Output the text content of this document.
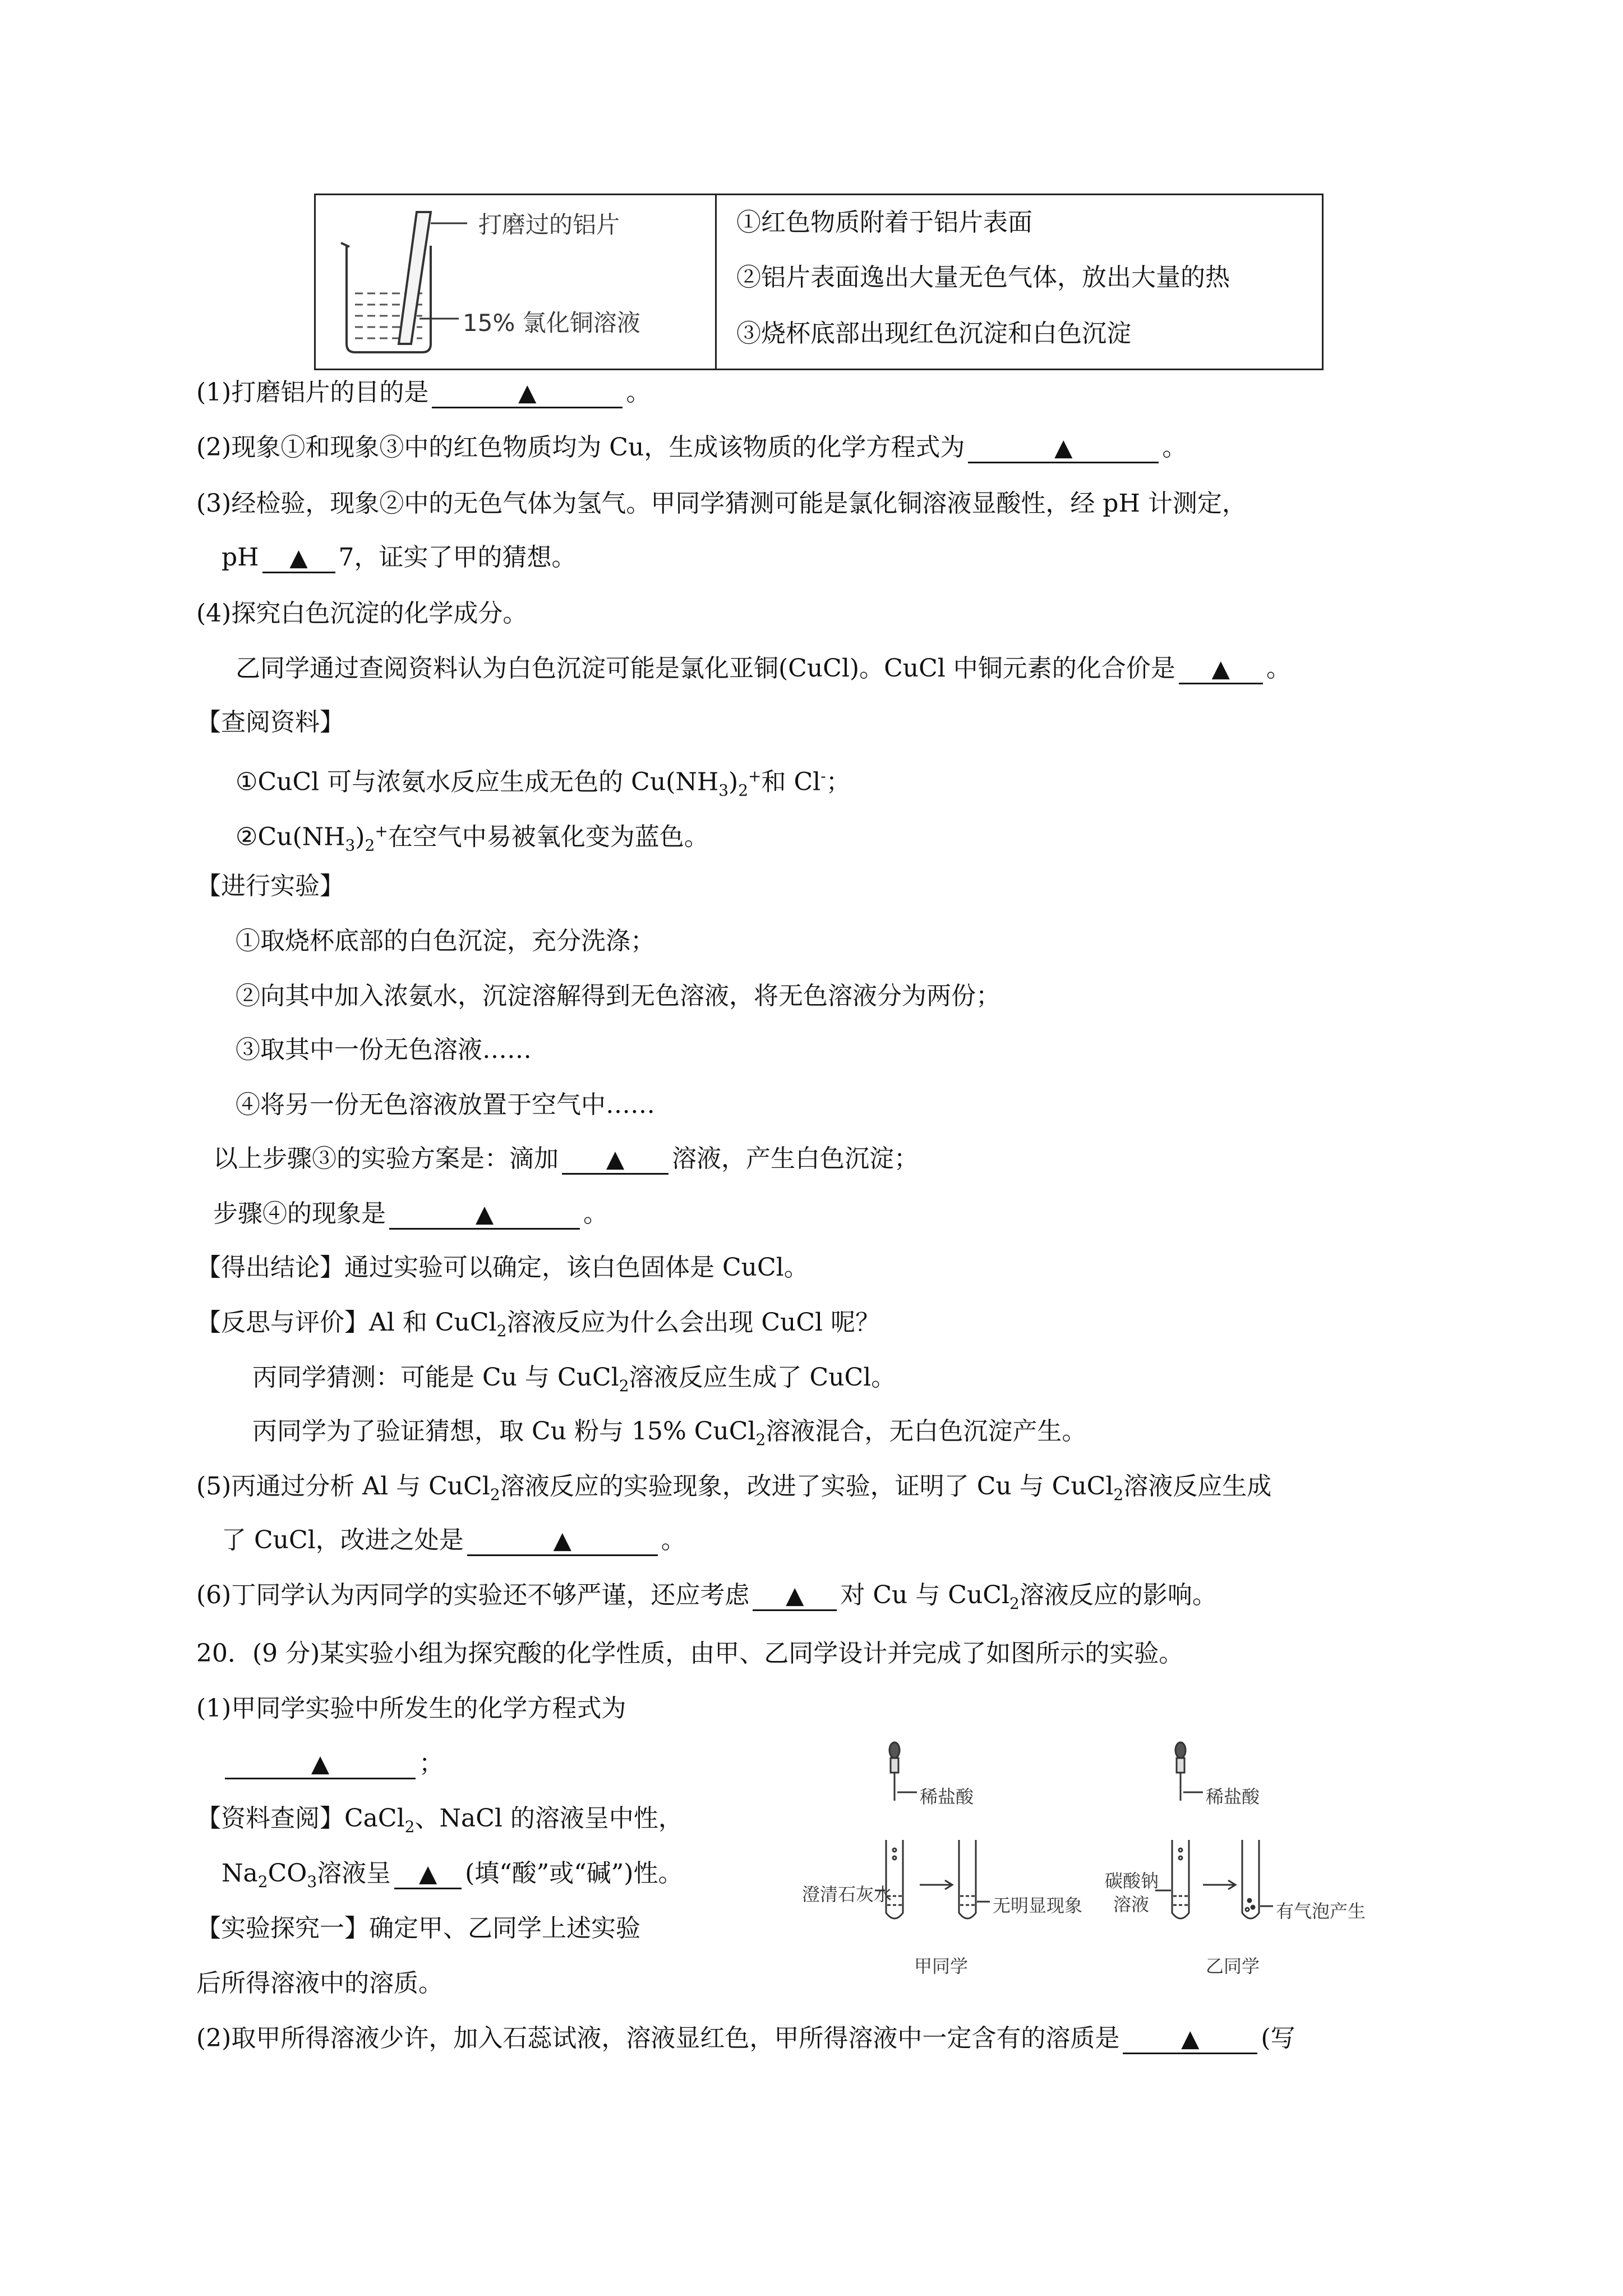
打磨过的铝片
15% 氯化铜溶液
①红色物质附着于铝片表面
②铝片表面逸出大量无色气体，放出大量的热
③烧杯底部出现红色沉淀和白色沉淀
(1)打磨铝片的目的是	▲	。
(2)现象①和现象③中的红色物质均为 Cu，生成该物质的化学方程式为	▲	。
(3)经检验，现象②中的无色气体为氢气。甲同学猜测可能是氯化铜溶液显酸性，经 pH 计测定，
pH ▲ 7，证实了甲的猜想。
(4)探究白色沉淀的化学成分。
乙同学通过查阅资料认为白色沉淀可能是氯化亚铜(CuCl)。CuCl 中铜元素的化合价是 ▲ 。
【查阅资料】
①CuCl 可与浓氨水反应生成无色的 $Cu(NH_3)_2^+$和 Cl-；
$②Cu(NH_3)_2^+$在空气中易被氧化变为蓝色。
【进行实验】
①取烧杯底部的白色沉淀，充分洗涤；
②向其中加入浓氨水，沉淀溶解得到无色溶液，将无色溶液分为两份；
③取其中一份无色溶液……
④将另一份无色溶液放置于空气中……
以上步骤③的实验方案是：滴加 ▲ 溶液，产生白色沉淀；
步骤④的现象是	▲	。
【得出结论】通过实验可以确定，该白色固体是 CuCl。
【反思与评价】Al 和 CuCl$_2$溶液反应为什么会出现 CuCl 呢？
丙同学猜测：可能是 Cu 与 CuCl$_2$溶液反应生成了 CuCl。
丙同学为了验证猜想，取 Cu 粉与 15% CuCl$_2$溶液混合，无白色沉淀产生。
(5)丙通过分析 Al 与 CuCl$_2$溶液反应的实验现象，改进了实验，证明了 Cu 与 CuCl$_2$溶液反应生成
了 CuCl，改进之处是	▲	。
(6)丁同学认为丙同学的实验还不够严谨，还应考虑 ▲ 对 Cu 与 CuCl$_2$溶液反应的影响。
20．(9 分)某实验小组为探究酸的化学性质，由甲、乙同学设计并完成了如图所示的实验。
(1)甲同学实验中所发生的化学方程式为
▲	；
【资料查阅】CaCl$_2$、NaCl 的溶液呈中性，
$Na_2CO_3$溶液呈 ▲ (填“酸”或“碱”)性。
【实验探究一】确定甲、乙同学上述实验
后所得溶液中的溶质。
(2)取甲所得溶液少许，加入石蕊试液，溶液显红色，甲所得溶液中一定含有的溶质是	▲ (写
稀盐酸
澄清石灰水
无明显现象
甲同学
稀盐酸
碳酸钠
溶液	有气泡产生
乙同学
